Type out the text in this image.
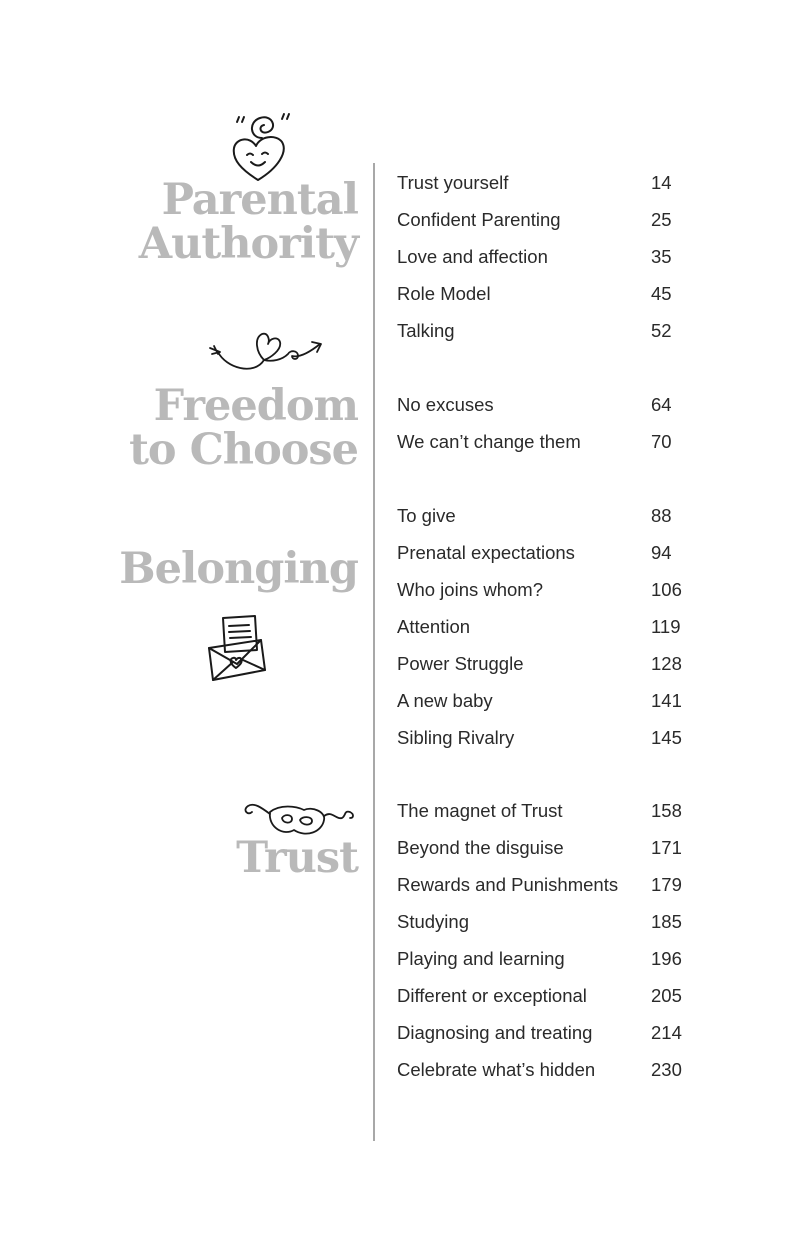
Parental
Authority
Trust yourself	14
Confident Parenting	25
Love and affection	35
Role Model	45
Talking	52
Freedom
to Choose
No excuses	64
We can’t change them	70
Belonging
To give	88
Prenatal expectations	94
Who joins whom?	106
Attention	119
Power Struggle	128
A new baby	141
Sibling Rivalry	145
Trust
The magnet of Trust	158
Beyond the disguise	171
Rewards and Punishments 179
Studying	185
Playing and learning	196
Different or exceptional	205
Diagnosing and treating	214
Celebrate what’s hidden	230
